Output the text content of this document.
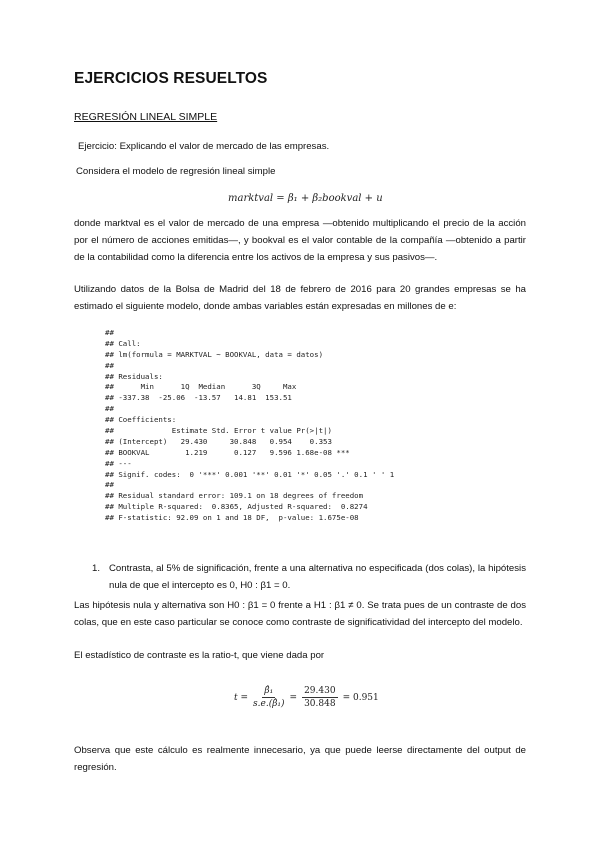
EJERCICIOS RESUELTOS
REGRESIÓN LINEAL SIMPLE
Ejercicio: Explicando el valor de mercado de las empresas.
Considera el modelo de regresión lineal simple
marktval = β₁ + β₂bookval + u
donde marktval es el valor de mercado de una empresa —obtenido multiplicando el precio de la acción por el número de acciones emitidas—, y bookval es el valor contable de la compañía —obtenido a partir de la contabilidad como la diferencia entre los activos de la empresa y sus pasivos—.
Utilizando datos de la Bolsa de Madrid del 18 de febrero de 2016 para 20 grandes empresas se ha estimado el siguiente modelo, donde ambas variables están expresadas en millones de e:
##
## Call:
## lm(formula = MARKTVAL ~ BOOKVAL, data = datos)
##
## Residuals:
##      Min      1Q  Median      3Q     Max
## -337.38  -25.06  -13.57   14.81  153.51
##
## Coefficients:
##             Estimate Std. Error t value Pr(>|t|)
## (Intercept)   29.430     30.848   0.954    0.353
## BOOKVAL        1.219      0.127   9.596 1.68e-08 ***
## ---
## Signif. codes:  0 '***' 0.001 '**' 0.01 '*' 0.05 '.' 0.1 ' ' 1
##
## Residual standard error: 109.1 on 18 degrees of freedom
## Multiple R-squared:  0.8365, Adjusted R-squared:  0.8274
## F-statistic: 92.09 on 1 and 18 DF,  p-value: 1.675e-08
1. Contrasta, al 5% de significación, frente a una alternativa no especificada (dos colas), la hipótesis nula de que el intercepto es 0, H0 : β1 = 0.
Las hipótesis nula y alternativa son H0 : β1 = 0 frente a H1 : β1 ≠ 0. Se trata pues de un contraste de dos colas, que en este caso particular se conoce como contraste de significatividad del intercepto del modelo.
El estadístico de contraste es la ratio-t, que viene dada por
$t = \frac{\text{β̂₁}}{\text{s.e.(β̂₁)}} = \frac{29.430}{30.848} = 0.951$
Observa que este cálculo es realmente innecesario, ya que puede leerse directamente del output de regresión.
